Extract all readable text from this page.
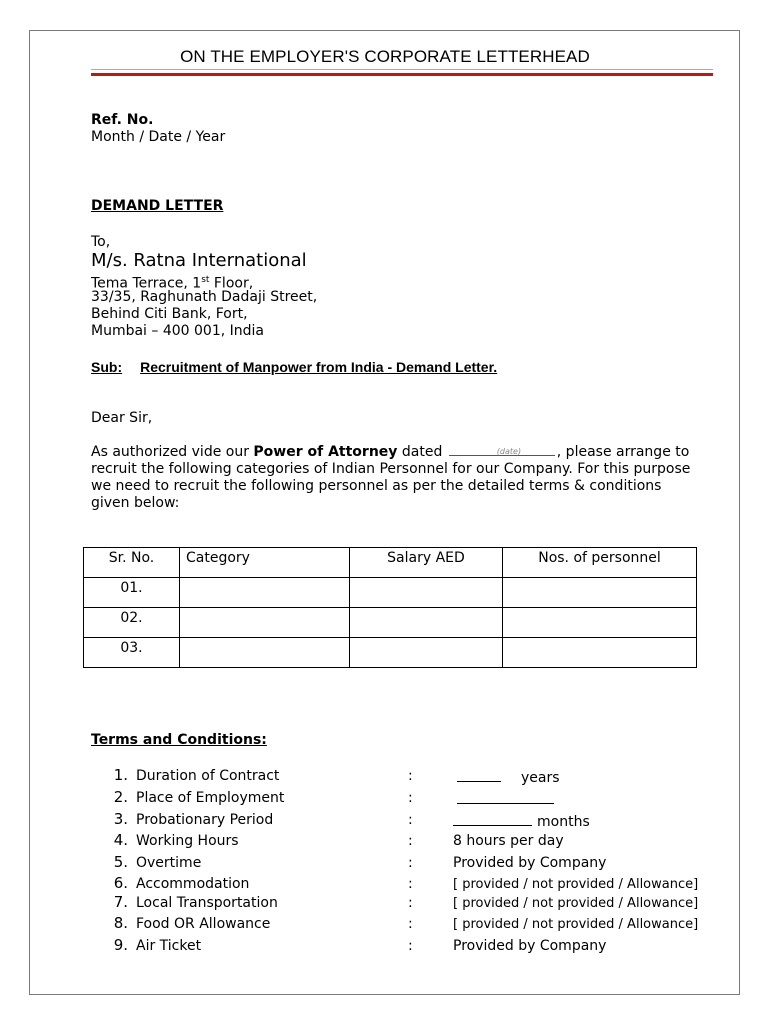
ON THE EMPLOYER'S CORPORATE LETTERHEAD
Ref. No.
Month / Date / Year
DEMAND LETTER
To,
M/s. Ratna International
Tema Terrace, 1st Floor,
33/35, Raghunath Dadaji Street,
Behind Citi Bank, Fort,
Mumbai – 400 001, India
Sub: Recruitment of Manpower from India - Demand Letter.
Dear Sir,
As authorized vide our Power of Attorney dated	(date)	, please arrange to recruit the following categories of Indian Personnel for our Company. For this purpose we need to recruit the following personnel as per the detailed terms & conditions given below:
Sr. No.	Category	Salary AED	Nos. of personnel
01.			
02.			
03.			
Terms and Conditions:
1. Duration of Contract	:	years
2. Place of Employment	:
3. Probationary Period	:	months
4. Working Hours	:	8 hours per day
5. Overtime	:	Provided by Company
6. Accommodation	:	[ provided / not provided / Allowance]
7. Local Transportation	:	[ provided / not provided / Allowance]
8. Food OR Allowance	:	[ provided / not provided / Allowance]
9. Air Ticket	:	Provided by Company
